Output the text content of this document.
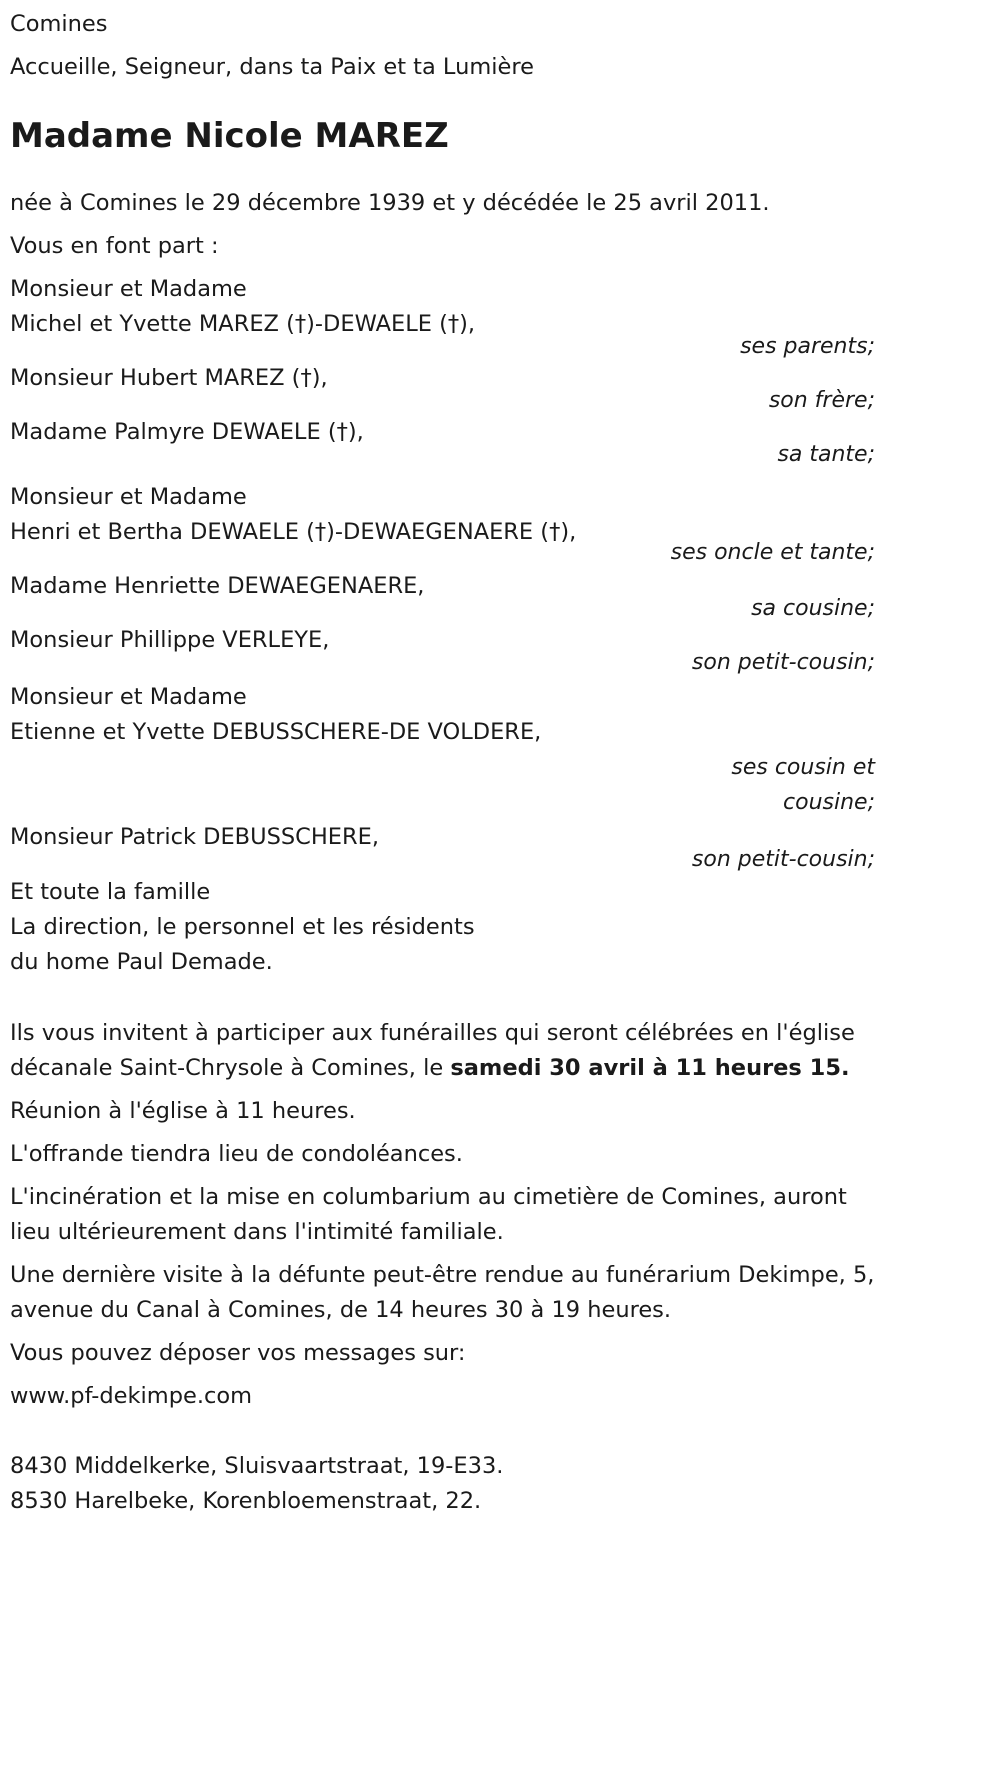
Comines
Accueille, Seigneur, dans ta Paix et ta Lumière
Madame Nicole MAREZ
née à Comines le 29 décembre 1939 et y décédée le 25 avril 2011.
Vous en font part :
Monsieur et Madame
Michel et Yvette MAREZ (†)-DEWAELE (†),
ses parents;
Monsieur Hubert MAREZ (†),
son frère;
Madame Palmyre DEWAELE (†),
sa tante;
Monsieur et Madame
Henri et Bertha DEWAELE (†)-DEWAEGENAERE (†),
ses oncle et tante;
Madame Henriette DEWAEGENAERE,
sa cousine;
Monsieur Phillippe VERLEYE,
son petit-cousin;
Monsieur et Madame
Etienne et Yvette DEBUSSCHERE-DE VOLDERE,
ses cousin et
cousine;
Monsieur Patrick DEBUSSCHERE,
son petit-cousin;
Et toute la famille
La direction, le personnel et les résidents
du home Paul Demade.
Ils vous invitent à participer aux funérailles qui seront célébrées en l'église décanale Saint-Chrysole à Comines, le samedi 30 avril à 11 heures 15.
Réunion à l'église à 11 heures.
L'offrande tiendra lieu de condoléances.
L'incinération et la mise en columbarium au cimetière de Comines, auront lieu ultérieurement dans l'intimité familiale.
Une dernière visite à la défunte peut-être rendue au funérarium Dekimpe, 5, avenue du Canal à Comines, de 14 heures 30 à 19 heures.
Vous pouvez déposer vos messages sur:
www.pf-dekimpe.com
8430 Middelkerke, Sluisvaartstraat, 19-E33.
8530 Harelbeke, Korenbloemenstraat, 22.
